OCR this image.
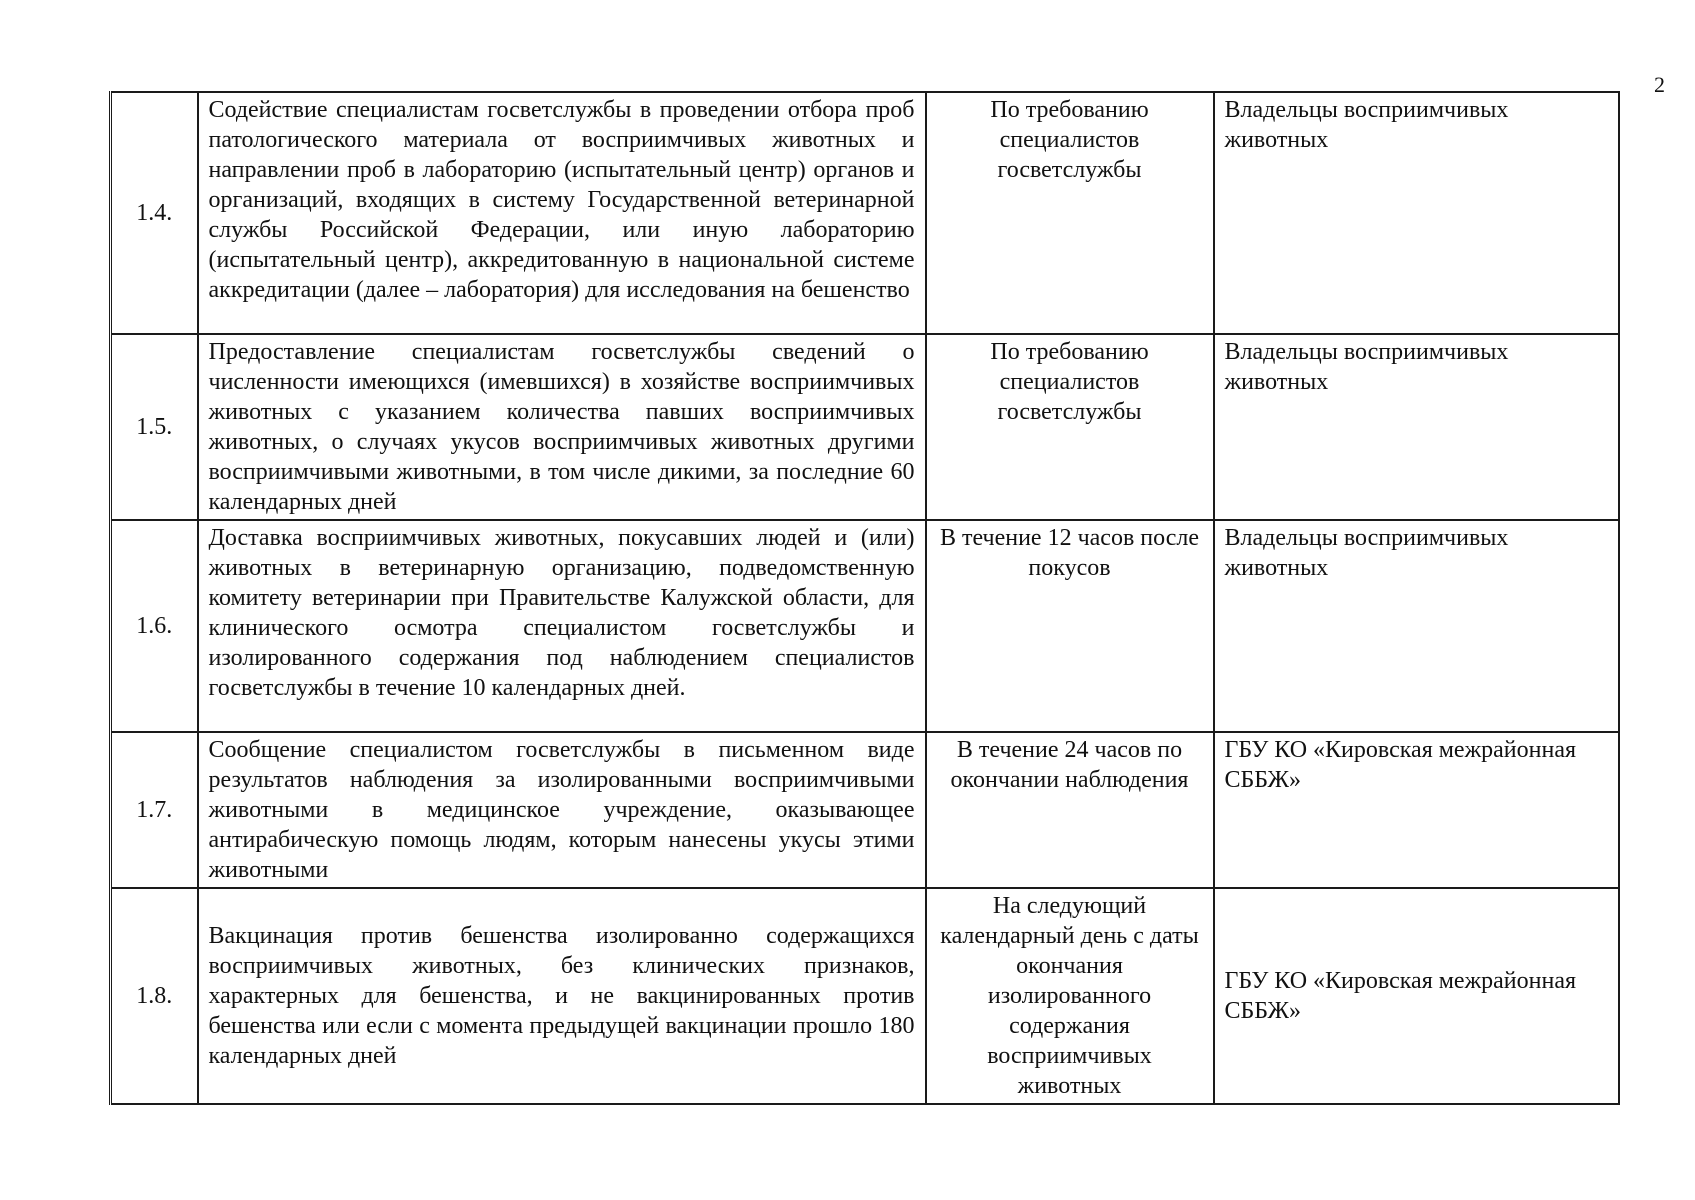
2
1.4.	Содействие специалистам госветслужбы в проведении отбора проб патологического материала от восприимчивых животных и направлении проб в лабораторию (испытательный центр) органов и организаций, входящих в систему Государственной ветеринарной службы Российской Федерации, или иную лабораторию (испытательный центр), аккредитованную в национальной системе аккредитации (далее – лаборатория) для исследования на бешенство	По требованию специалистов госветслужбы	Владельцы восприимчивых животных
1.5.	Предоставление специалистам госветслужбы сведений о численности имеющихся (имевшихся) в хозяйстве восприимчивых животных с указанием количества павших восприимчивых животных, о случаях укусов восприимчивых животных другими восприимчивыми животными, в том числе дикими, за последние 60 календарных дней	По требованию специалистов госветслужбы	Владельцы восприимчивых животных
1.6.	Доставка восприимчивых животных, покусавших людей и (или) животных в ветеринарную организацию, подведомственную комитету ветеринарии при Правительстве Калужской области, для клинического осмотра специалистом госветслужбы и изолированного содержания под наблюдением специалистов госветслужбы в течение 10 календарных дней.	В течение 12 часов после покусов	Владельцы восприимчивых животных
1.7.	Сообщение специалистом госветслужбы в письменном виде результатов наблюдения за изолированными восприимчивыми животными в медицинское учреждение, оказывающее антирабическую помощь людям, которым нанесены укусы этими животными	В течение 24 часов по окончании наблюдения	ГБУ КО «Кировская межрайонная СББЖ»
1.8.	Вакцинация против бешенства изолированно содержащихся восприимчивых животных, без клинических признаков, характерных для бешенства, и не вакцинированных против бешенства или если с момента предыдущей вакцинации прошло 180 календарных дней	На следующий календарный день с даты окончания изолированного содержания восприимчивых животных	ГБУ КО «Кировская межрайонная СББЖ»
